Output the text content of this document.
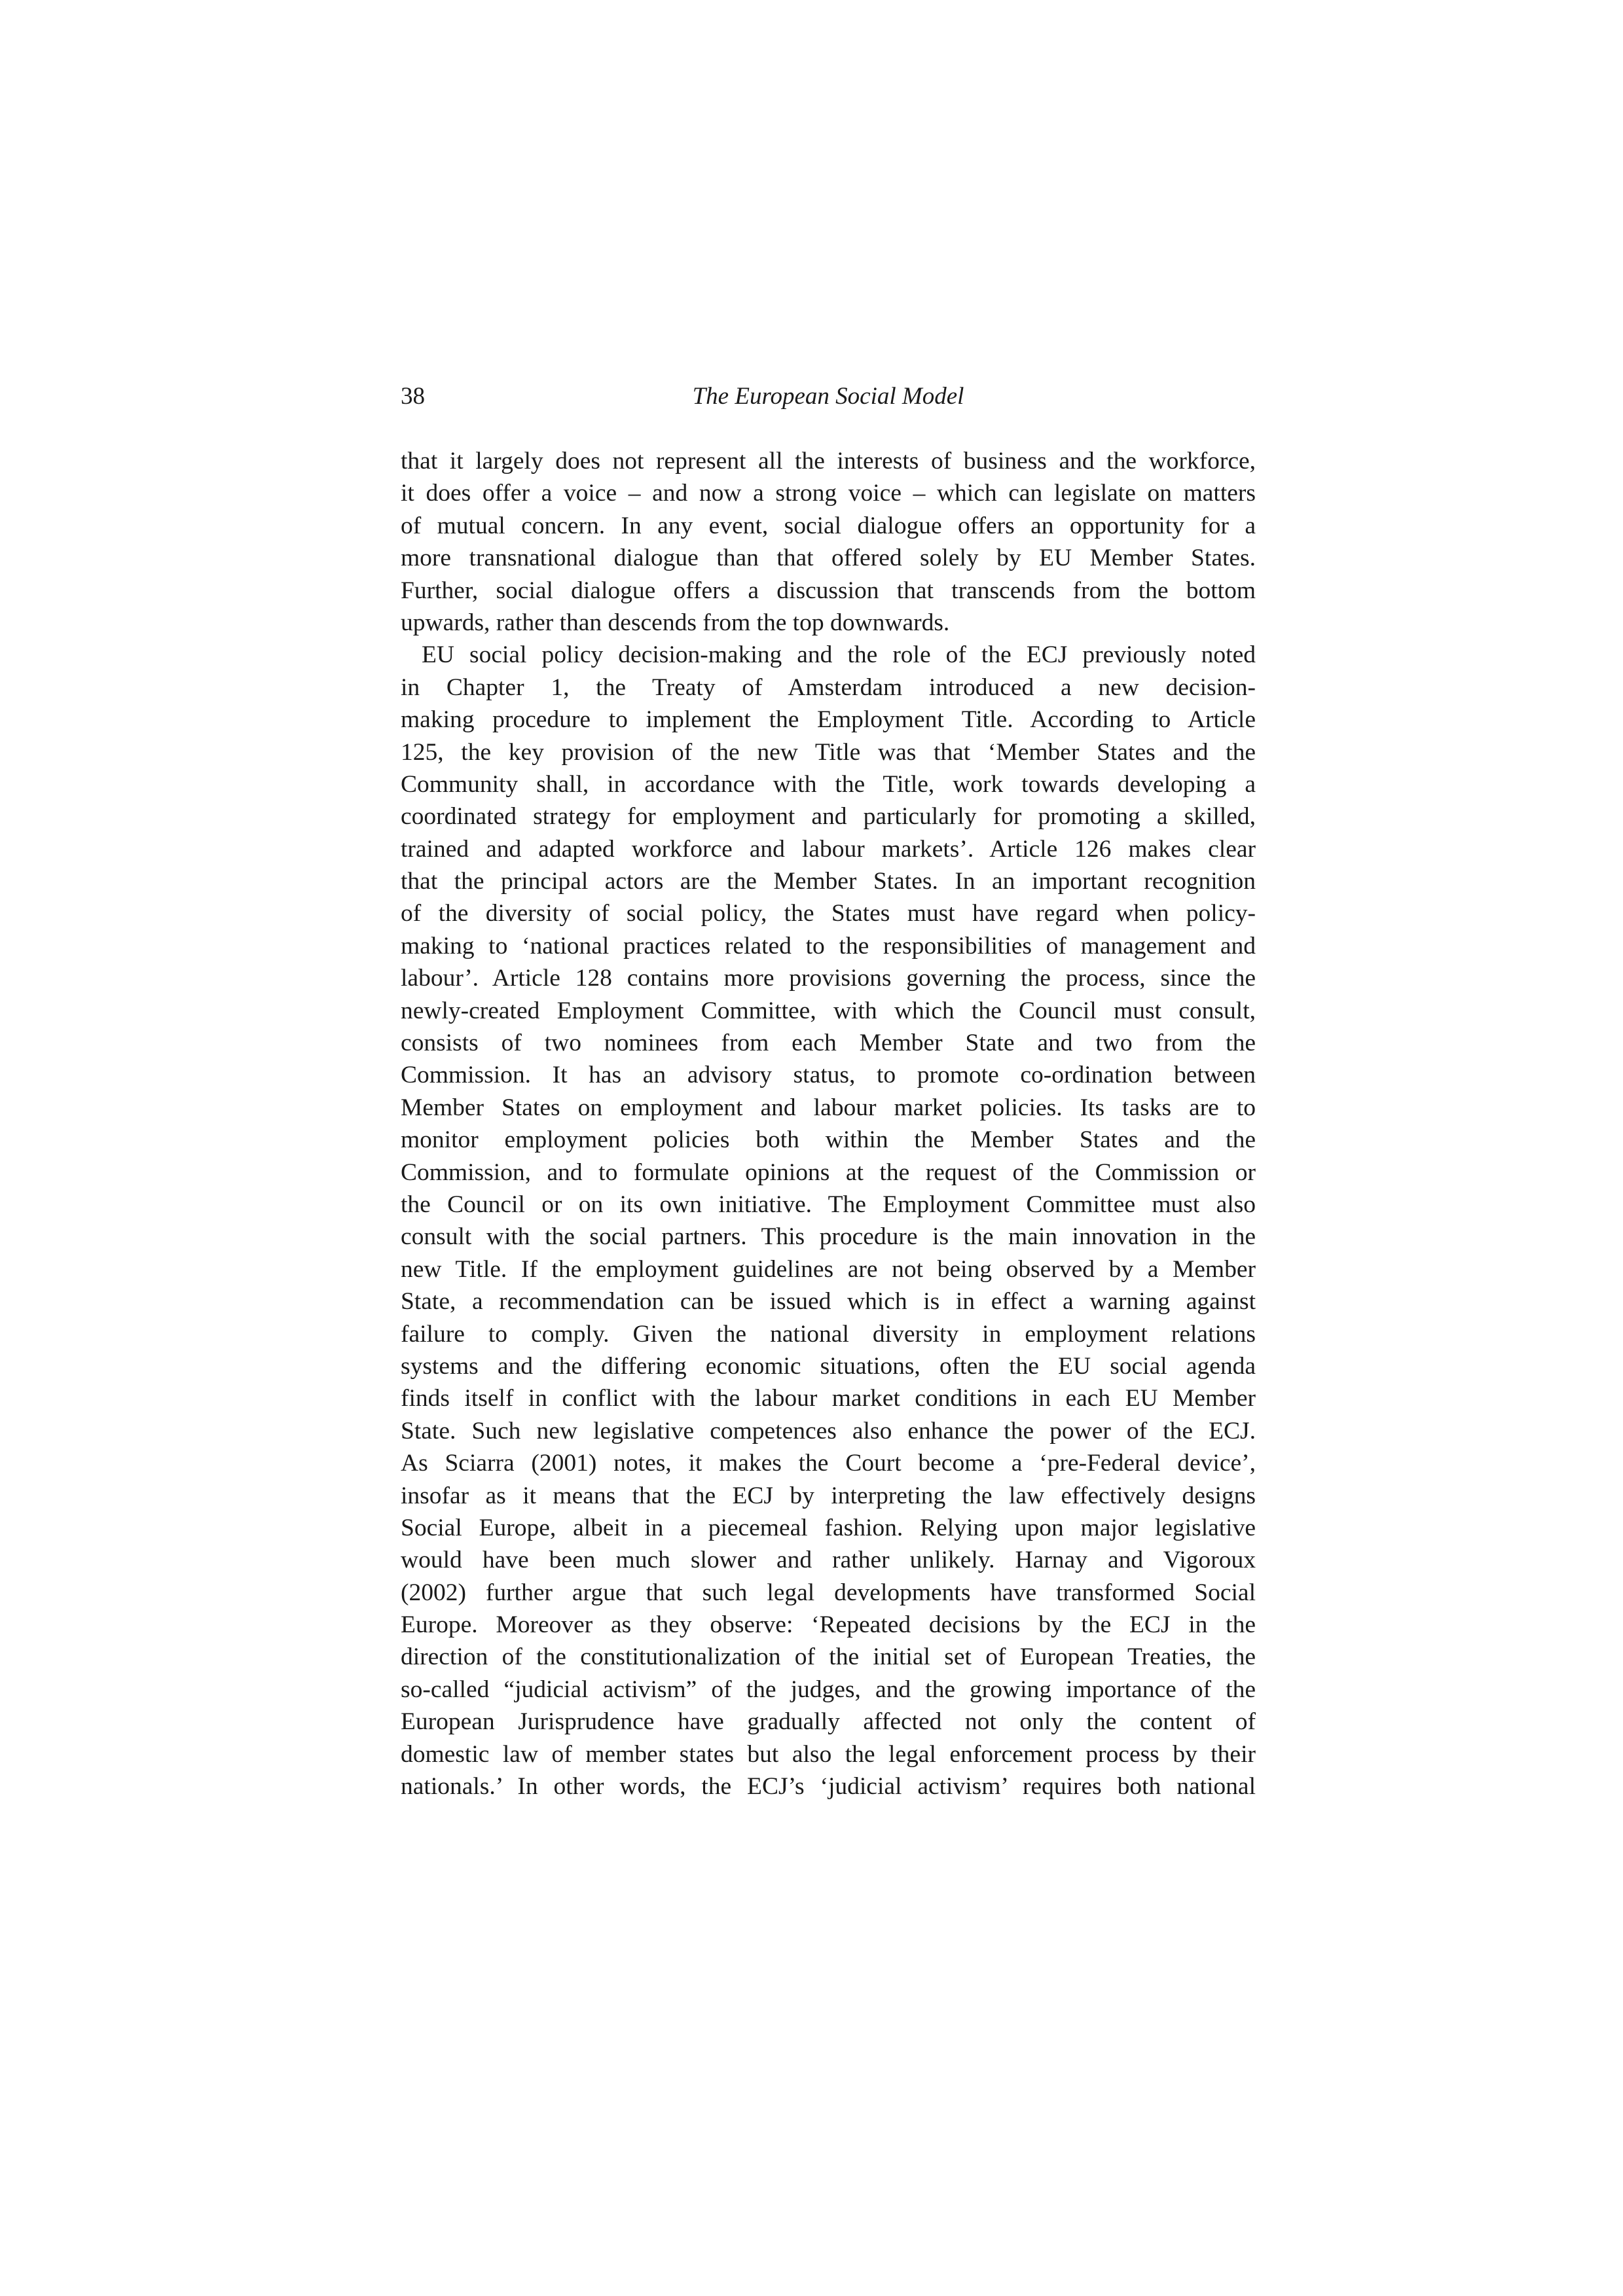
38	The European Social Model
that it largely does not represent all the interests of business and the workforce,
it does offer a voice – and now a strong voice – which can legislate on matters
of mutual concern. In any event, social dialogue offers an opportunity for a
more transnational dialogue than that offered solely by EU Member States.
Further, social dialogue offers a discussion that transcends from the bottom
upwards, rather than descends from the top downwards.
EU social policy decision-making and the role of the ECJ previously noted
in Chapter 1, the Treaty of Amsterdam introduced a new decision-
making procedure to implement the Employment Title. According to Article
125, the key provision of the new Title was that ‘Member States and the
Community shall, in accordance with the Title, work towards developing a
coordinated strategy for employment and particularly for promoting a skilled,
trained and adapted workforce and labour markets’. Article 126 makes clear
that the principal actors are the Member States. In an important recognition
of the diversity of social policy, the States must have regard when policy-
making to ‘national practices related to the responsibilities of management and
labour’. Article 128 contains more provisions governing the process, since the
newly-created Employment Committee, with which the Council must consult,
consists of two nominees from each Member State and two from the
Commission. It has an advisory status, to promote co-ordination between
Member States on employment and labour market policies. Its tasks are to
monitor employment policies both within the Member States and the
Commission, and to formulate opinions at the request of the Commission or
the Council or on its own initiative. The Employment Committee must also
consult with the social partners. This procedure is the main innovation in the
new Title. If the employment guidelines are not being observed by a Member
State, a recommendation can be issued which is in effect a warning against
failure to comply. Given the national diversity in employment relations
systems and the differing economic situations, often the EU social agenda
finds itself in conflict with the labour market conditions in each EU Member
State. Such new legislative competences also enhance the power of the ECJ.
As Sciarra (2001) notes, it makes the Court become a ‘pre-Federal device’,
insofar as it means that the ECJ by interpreting the law effectively designs
Social Europe, albeit in a piecemeal fashion. Relying upon major legislative
would have been much slower and rather unlikely. Harnay and Vigoroux
(2002) further argue that such legal developments have transformed Social
Europe. Moreover as they observe: ‘Repeated decisions by the ECJ in the
direction of the constitutionalization of the initial set of European Treaties, the
so-called “judicial activism” of the judges, and the growing importance of the
European Jurisprudence have gradually affected not only the content of
domestic law of member states but also the legal enforcement process by their
nationals.’ In other words, the ECJ’s ‘judicial activism’ requires both national
